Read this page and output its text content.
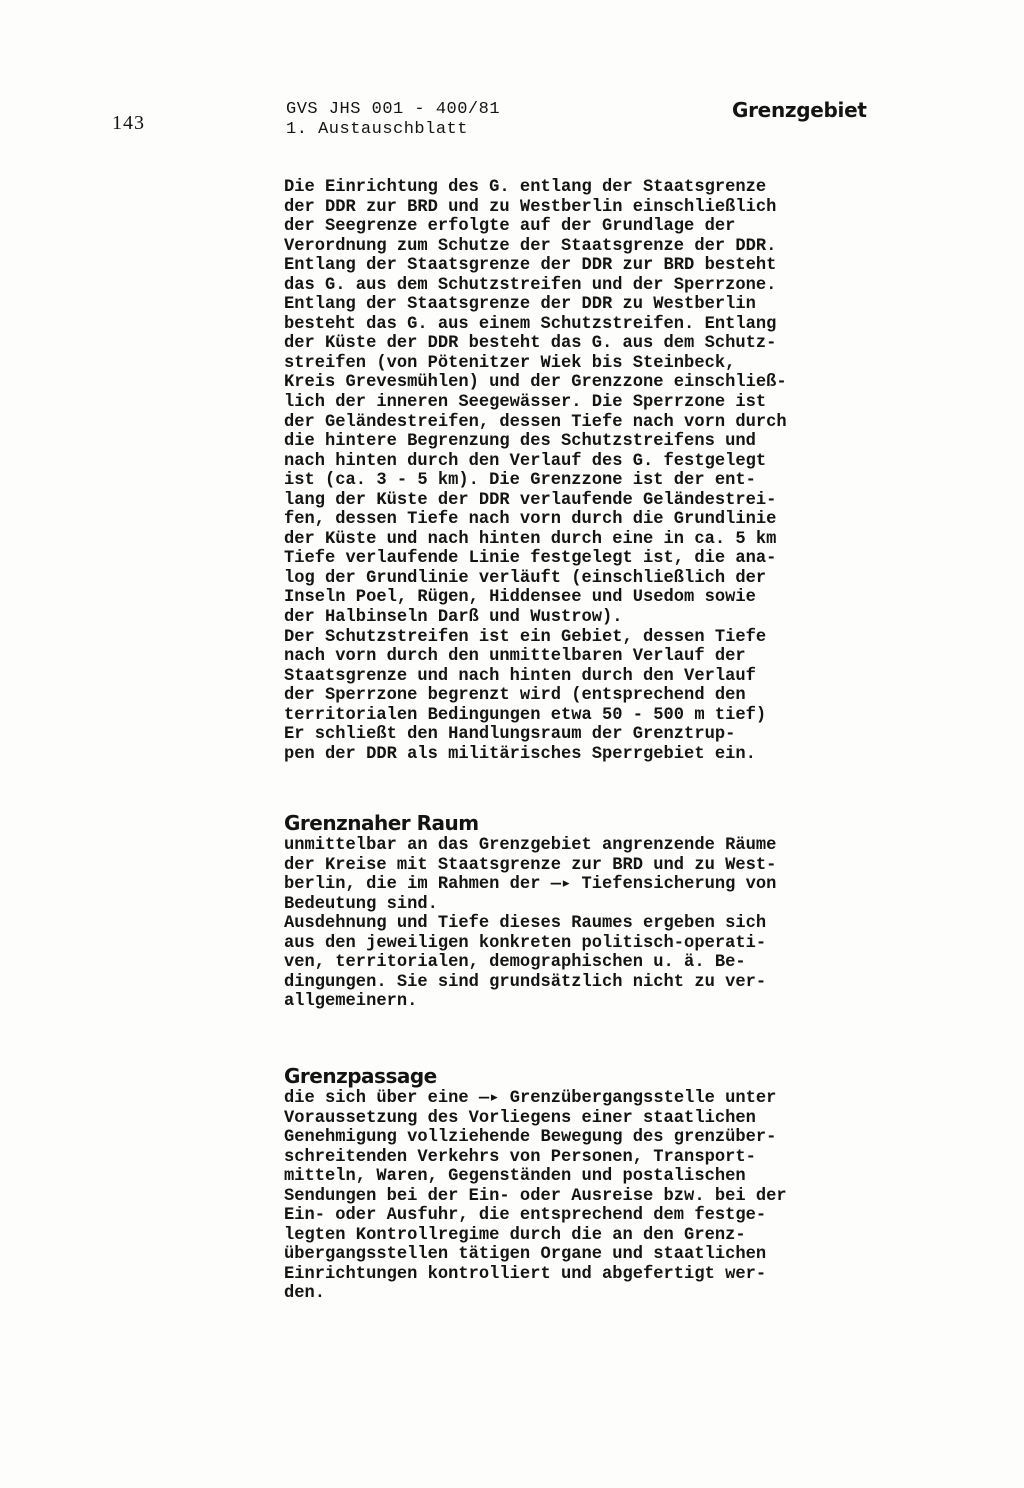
143
GVS JHS 001 - 400/81
1. Austauschblatt
Grenzgebiet
Die Einrichtung des G. entlang der Staatsgrenze
der DDR zur BRD und zu Westberlin einschließlich
der Seegrenze erfolgte auf der Grundlage der
Verordnung zum Schutze der Staatsgrenze der DDR.
Entlang der Staatsgrenze der DDR zur BRD besteht
das G. aus dem Schutzstreifen und der Sperrzone.
Entlang der Staatsgrenze der DDR zu Westberlin
besteht das G. aus einem Schutzstreifen. Entlang
der Küste der DDR besteht das G. aus dem Schutz-
streifen (von Pötenitzer Wiek bis Steinbeck,
Kreis Grevesmühlen) und der Grenzzone einschließ-
lich der inneren Seegewässer. Die Sperrzone ist
der Geländestreifen, dessen Tiefe nach vorn durch
die hintere Begrenzung des Schutzstreifens und
nach hinten durch den Verlauf des G. festgelegt
ist (ca. 3 - 5 km). Die Grenzzone ist der ent-
lang der Küste der DDR verlaufende Geländestrei-
fen, dessen Tiefe nach vorn durch die Grundlinie
der Küste und nach hinten durch eine in ca. 5 km
Tiefe verlaufende Linie festgelegt ist, die ana-
log der Grundlinie verläuft (einschließlich der
Inseln Poel, Rügen, Hiddensee und Usedom sowie
der Halbinseln Darß und Wustrow).
Der Schutzstreifen ist ein Gebiet, dessen Tiefe
nach vorn durch den unmittelbaren Verlauf der
Staatsgrenze und nach hinten durch den Verlauf
der Sperrzone begrenzt wird (entsprechend den
territorialen Bedingungen etwa 50 - 500 m tief)
Er schließt den Handlungsraum der Grenztrup-
pen der DDR als militärisches Sperrgebiet ein.
Grenznaher Raum
unmittelbar an das Grenzgebiet angrenzende Räume
der Kreise mit Staatsgrenze zur BRD und zu West-
berlin, die im Rahmen der —▸ Tiefensicherung von
Bedeutung sind.
Ausdehnung und Tiefe dieses Raumes ergeben sich
aus den jeweiligen konkreten politisch-operati-
ven, territorialen, demographischen u. ä. Be-
dingungen. Sie sind grundsätzlich nicht zu ver-
allgemeinern.
Grenzpassage
die sich über eine —▸ Grenzübergangsstelle unter
Voraussetzung des Vorliegens einer staatlichen
Genehmigung vollziehende Bewegung des grenzüber-
schreitenden Verkehrs von Personen, Transport-
mitteln, Waren, Gegenständen und postalischen
Sendungen bei der Ein- oder Ausreise bzw. bei der
Ein- oder Ausfuhr, die entsprechend dem festge-
legten Kontrollregime durch die an den Grenz-
übergangsstellen tätigen Organe und staatlichen
Einrichtungen kontrolliert und abgefertigt wer-
den.
